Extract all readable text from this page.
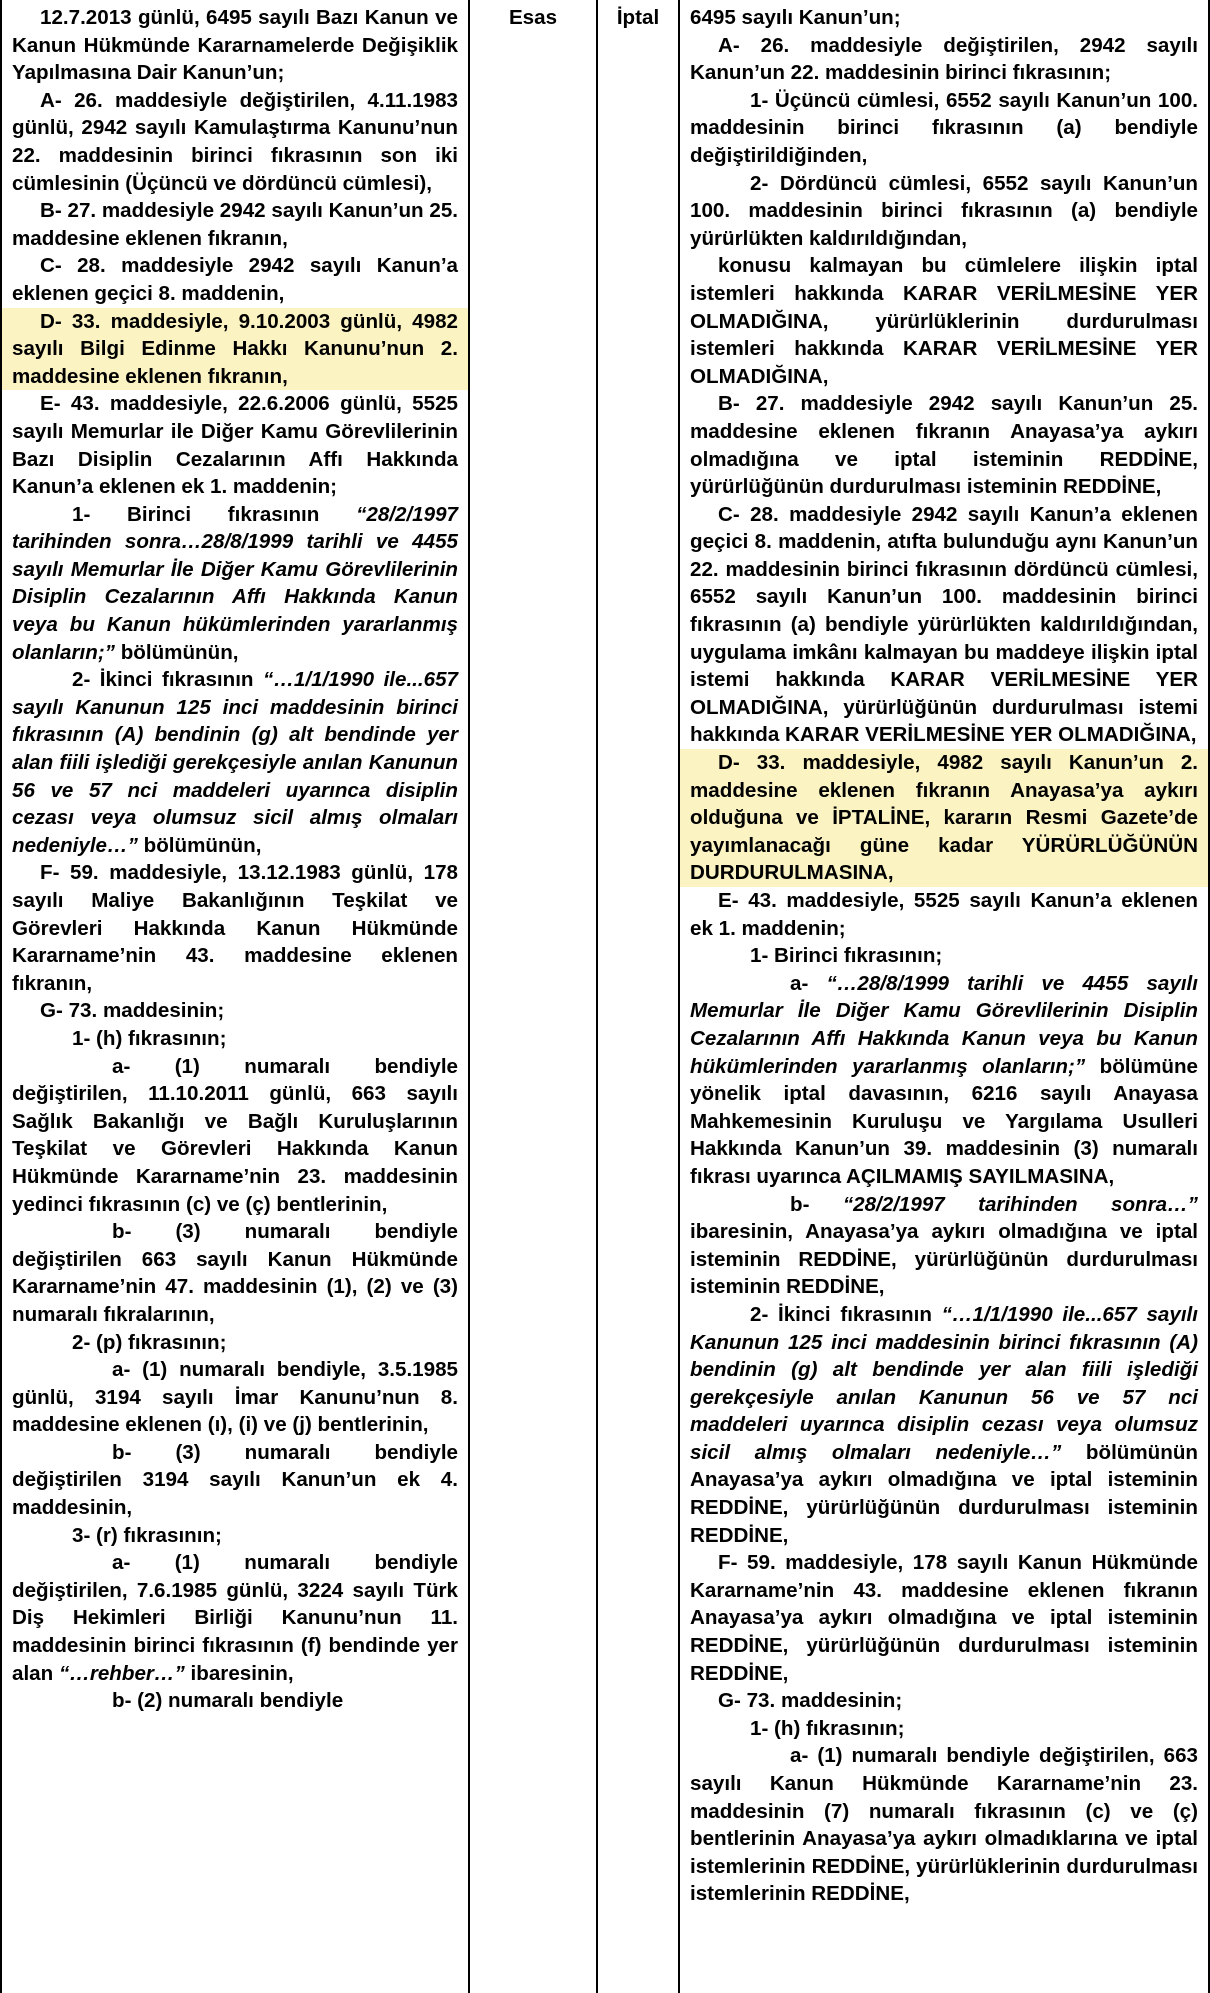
12.7.2013 günlü, 6495 sayılı Bazı Kanun ve Kanun Hükmünde Kararnamelerde Değişiklik Yapılmasına Dair Kanun’un;

A- 26. maddesiyle değiştirilen, 4.11.1983 günlü, 2942 sayılı Kamulaştırma Kanunu’nun 22. maddesinin birinci fıkrasının son iki cümlesinin (Üçüncü ve dördüncü cümlesi),

B- 27. maddesiyle 2942 sayılı Kanun’un 25. maddesine eklenen fıkranın,

C- 28. maddesiyle 2942 sayılı Kanun’a eklenen geçici 8. maddenin,

D- 33. maddesiyle, 9.10.2003 günlü, 4982 sayılı Bilgi Edinme Hakkı Kanunu’nun 2. maddesine eklenen fıkranın,

E- 43. maddesiyle, 22.6.2006 günlü, 5525 sayılı Memurlar ile Diğer Kamu Görevlilerinin Bazı Disiplin Cezalarının Affı Hakkında Kanun’a eklenen ek 1. maddenin;

1- Birinci fıkrasının “28/2/1997 tarihinden sonra…28/8/1999 tarihli ve 4455 sayılı Memurlar İle Diğer Kamu Görevlilerinin Disiplin Cezalarının Affı Hakkında Kanun veya bu Kanun hükümlerinden yararlanmış olanların;” bölümünün,

2- İkinci fıkrasının “…1/1/1990 ile...657 sayılı Kanunun 125 inci maddesinin birinci fıkrasının (A) bendinin (g) alt bendinde yer alan fiili işlediği gerekçesiyle anılan Kanunun 56 ve 57 nci maddeleri uyarınca disiplin cezası veya olumsuz sicil almış olmaları nedeniyle…” bölümünün,

F- 59. maddesiyle, 13.12.1983 günlü, 178 sayılı Maliye Bakanlığının Teşkilat ve Görevleri Hakkında Kanun Hükmünde Kararname’nin 43. maddesine eklenen fıkranın,

G- 73. maddesinin;

1- (h) fıkrasının;

a- (1) numaralı bendiyle değiştirilen, 11.10.2011 günlü, 663 sayılı Sağlık Bakanlığı ve Bağlı Kuruluşlarının Teşkilat ve Görevleri Hakkında Kanun Hükmünde Kararname’nin 23. maddesinin yedinci fıkrasının (c) ve (ç) bentlerinin,

b- (3) numaralı bendiyle değiştirilen 663 sayılı Kanun Hükmünde Kararname’nin 47. maddesinin (1), (2) ve (3) numaralı fıkralarının,

2- (p) fıkrasının;

a- (1) numaralı bendiyle, 3.5.1985 günlü, 3194 sayılı İmar Kanunu’nun 8. maddesine eklenen (ı), (i) ve (j) bentlerinin,

b- (3) numaralı bendiyle değiştirilen 3194 sayılı Kanun’un ek 4. maddesinin,

3- (r) fıkrasının;

a- (1) numaralı bendiyle değiştirilen, 7.6.1985 günlü, 3224 sayılı Türk Diş Hekimleri Birliği Kanunu’nun 11. maddesinin birinci fıkrasının (f) bendinde yer alan “…rehber…” ibaresinin,

b- (2) numaralı bendiyle

Esas	İptal	6495 sayılı Kanun’un;

A- 26. maddesiyle değiştirilen, 2942 sayılı Kanun’un 22. maddesinin birinci fıkrasının;

1- Üçüncü cümlesi, 6552 sayılı Kanun’un 100. maddesinin birinci fıkrasının (a) bendiyle değiştirildiğinden,

2- Dördüncü cümlesi, 6552 sayılı Kanun’un 100. maddesinin birinci fıkrasının (a) bendiyle yürürlükten kaldırıldığından,

konusu kalmayan bu cümlelere ilişkin iptal istemleri hakkında KARAR VERİLMESİNE YER OLMADIĞINA, yürürlüklerinin durdurulması istemleri hakkında KARAR VERİLMESİNE YER OLMADIĞINA,

B- 27. maddesiyle 2942 sayılı Kanun’un 25. maddesine eklenen fıkranın Anayasa’ya aykırı olmadığına ve iptal isteminin REDDİNE, yürürlüğünün durdurulması isteminin REDDİNE,

C- 28. maddesiyle 2942 sayılı Kanun’a eklenen geçici 8. maddenin, atıfta bulunduğu aynı Kanun’un 22. maddesinin birinci fıkrasının dördüncü cümlesi, 6552 sayılı Kanun’un 100. maddesinin birinci fıkrasının (a) bendiyle yürürlükten kaldırıldığından, uygulama imkânı kalmayan bu maddeye ilişkin iptal istemi hakkında KARAR VERİLMESİNE YER OLMADIĞINA, yürürlüğünün durdurulması istemi hakkında KARAR VERİLMESİNE YER OLMADIĞINA,

D- 33. maddesiyle, 4982 sayılı Kanun’un 2. maddesine eklenen fıkranın Anayasa’ya aykırı olduğuna ve İPTALİNE, kararın Resmi Gazete’de yayımlanacağı güne kadar YÜRÜRLÜĞÜNÜN DURDURULMASINA,

E- 43. maddesiyle, 5525 sayılı Kanun’a eklenen ek 1. maddenin;

1- Birinci fıkrasının;

a- “…28/8/1999 tarihli ve 4455 sayılı Memurlar İle Diğer Kamu Görevlilerinin Disiplin Cezalarının Affı Hakkında Kanun veya bu Kanun hükümlerinden yararlanmış olanların;” bölümüne yönelik iptal davasının, 6216 sayılı Anayasa Mahkemesinin Kuruluşu ve Yargılama Usulleri Hakkında Kanun’un 39. maddesinin (3) numaralı fıkrası uyarınca AÇILMAMIŞ SAYILMASINA,

b- “28/2/1997 tarihinden sonra…” ibaresinin, Anayasa’ya aykırı olmadığına ve iptal isteminin REDDİNE, yürürlüğünün durdurulması isteminin REDDİNE,

2- İkinci fıkrasının “…1/1/1990 ile...657 sayılı Kanunun 125 inci maddesinin birinci fıkrasının (A) bendinin (g) alt bendinde yer alan fiili işlediği gerekçesiyle anılan Kanunun 56 ve 57 nci maddeleri uyarınca disiplin cezası veya olumsuz sicil almış olmaları nedeniyle…” bölümünün Anayasa’ya aykırı olmadığına ve iptal isteminin REDDİNE, yürürlüğünün durdurulması isteminin REDDİNE,

F- 59. maddesiyle, 178 sayılı Kanun Hükmünde Kararname’nin 43. maddesine eklenen fıkranın Anayasa’ya aykırı olmadığına ve iptal isteminin REDDİNE, yürürlüğünün durdurulması isteminin REDDİNE,

G- 73. maddesinin;

1- (h) fıkrasının;

a- (1) numaralı bendiyle değiştirilen, 663 sayılı Kanun Hükmünde Kararname’nin 23. maddesinin (7) numaralı fıkrasının (c) ve (ç) bentlerinin Anayasa’ya aykırı olmadıklarına ve iptal istemlerinin REDDİNE, yürürlüklerinin durdurulması istemlerinin REDDİNE,
